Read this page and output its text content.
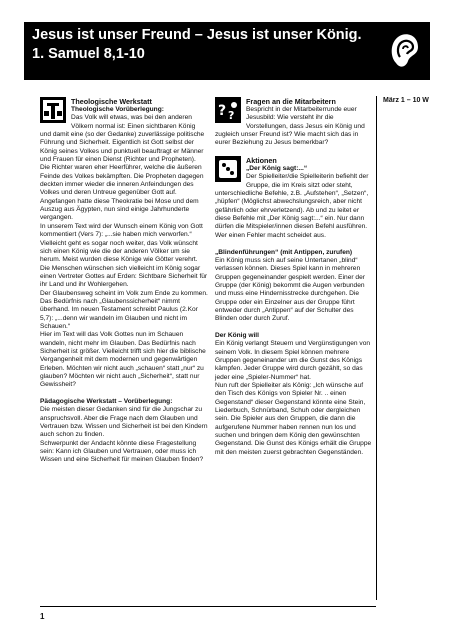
Jesus ist unser Freund – Jesus ist unser König.
1. Samuel 8,1-10

Theologische Werkstatt

Theologische Vorüberlegung:

Das Volk will etwas, was bei den anderen Völkern normal ist: Einen sichtbaren König und damit eine (so der Gedanke) zuverlässige politische Führung und Sicherheit. Eigentlich ist Gott selbst der König seines Volkes und punktuell beauftragt er Männer und Frauen für einen Dienst (Richter und Propheten).

Die Richter waren eher Heerführer, welche die äußeren Feinde des Volkes bekämpften. Die Propheten dagegen deckten immer wieder die inneren Anfeindungen des Volkes und deren Untreue gegenüber Gott auf. Angefangen hatte diese Theokratie bei Mose und dem Auszug aus Ägypten, nun sind einige Jahrhunderte vergangen.

In unserem Text wird der Wunsch einem König von Gott kommentiert (Vers 7): „...sie haben mich verworfen.“ Vielleicht geht es sogar noch weiter, das Volk wünscht sich einen König wie die der anderen Völker um sie herum. Meist wurden diese Könige wie Götter verehrt. Die Menschen wünschen sich vielleicht im König sogar einen Vertreter Gottes auf Erden: Sichtbare Sicherheit für ihr Land und ihr Wohlergehen.

Der Glaubensweg scheint im Volk zum Ende zu kommen. Das Bedürfnis nach „Glaubenssicherheit“ nimmt überhand. Im neuen Testament schreibt Paulus (2.Kor 5,7): „...denn wir wandeln im Glauben und nicht im Schauen.“

Hier im Text will das Volk Gottes nun im Schauen wandeln, nicht mehr im Glauben. Das Bedürfnis nach Sicherheit ist größer. Vielleicht trifft sich hier die biblische Vergangenheit mit dem modernen und gegenwärtigen Erleben. Möchten wir nicht auch „schauen“ statt „nur“ zu glauben? Möchten wir nicht auch „Sicherheit“, statt nur Gewissheit?

Pädagogische Werkstatt – Vorüberlegung:

Die meisten dieser Gedanken sind für die Jungschar zu anspruchsvoll. Aber die Frage nach dem Glauben und Vertrauen bzw. Wissen und Sicherheit ist bei den Kindern auch schon zu finden.

Schwerpunkt der Andacht könnte diese Fragestellung sein: Kann ich Glauben und Vertrauen, oder muss ich Wissen und eine Sicherheit für meinen Glauben finden?

? ?

Fragen an die Mitarbeitern

Bespricht in der Mitarbeiterrunde euer Jesusbild: Wie versteht ihr die Vorstellungen, dass Jesus ein König und zugleich unser Freund ist? Wie macht sich das in eurer Beziehung zu Jesus bemerkbar?

Aktionen

„Der König sagt:...“

Der Spielleiter/die Spielleiterin befiehlt der Gruppe, die im Kreis sitzt oder steht, unterschiedliche Befehle, z.B. „Aufstehen“, „Setzen“, „hüpfen“ (Möglichst abwechslungsreich, aber nicht gefährlich oder ehrverletzend). Ab und zu leitet er diese Befehle mit „Der König sagt:...“ ein. Nur dann dürfen die Mitspieler/innen diesen Befehl ausführen. Wer einen Fehler macht scheidet aus.

„Blindenführungen“ (mit Antippen, zurufen)

Ein König muss sich auf seine Untertanen „blind“ verlassen können. Dieses Spiel kann in mehreren Gruppen gegeneinander gespielt werden. Einer der Gruppe (der König) bekommt die Augen verbunden und muss eine Hindernisstrecke durchgehen. Die Gruppe oder ein Einzelner aus der Gruppe führt entweder durch „Antippen“ auf der Schulter des Blinden oder durch Zuruf.

Der König will

Ein König verlangt Steuern und Vergünstigungen von seinem Volk. In diesem Spiel können mehrere Gruppen gegeneinander um die Gunst des Königs kämpfen. Jeder Gruppe wird durch gezählt, so das jeder eine „Spieler-Nummer“ hat.

Nun ruft der Spielleiter als König: „Ich wünsche auf den Tisch des Königs von Spieler Nr. .. einen Gegenstand“ dieser Gegenstand könnte eine Stein, Liederbuch, Schnürband, Schuh oder dergleichen sein. Die Spieler aus den Gruppen, die dann die aufgerufene Nummer haben rennen nun los und suchen und bringen dem König den gewünschten Gegenstand. Die Gunst des Königs erhält die Gruppe mit den meisten zuerst gebrachten Gegenständen.

März 1 – 10 W
1
